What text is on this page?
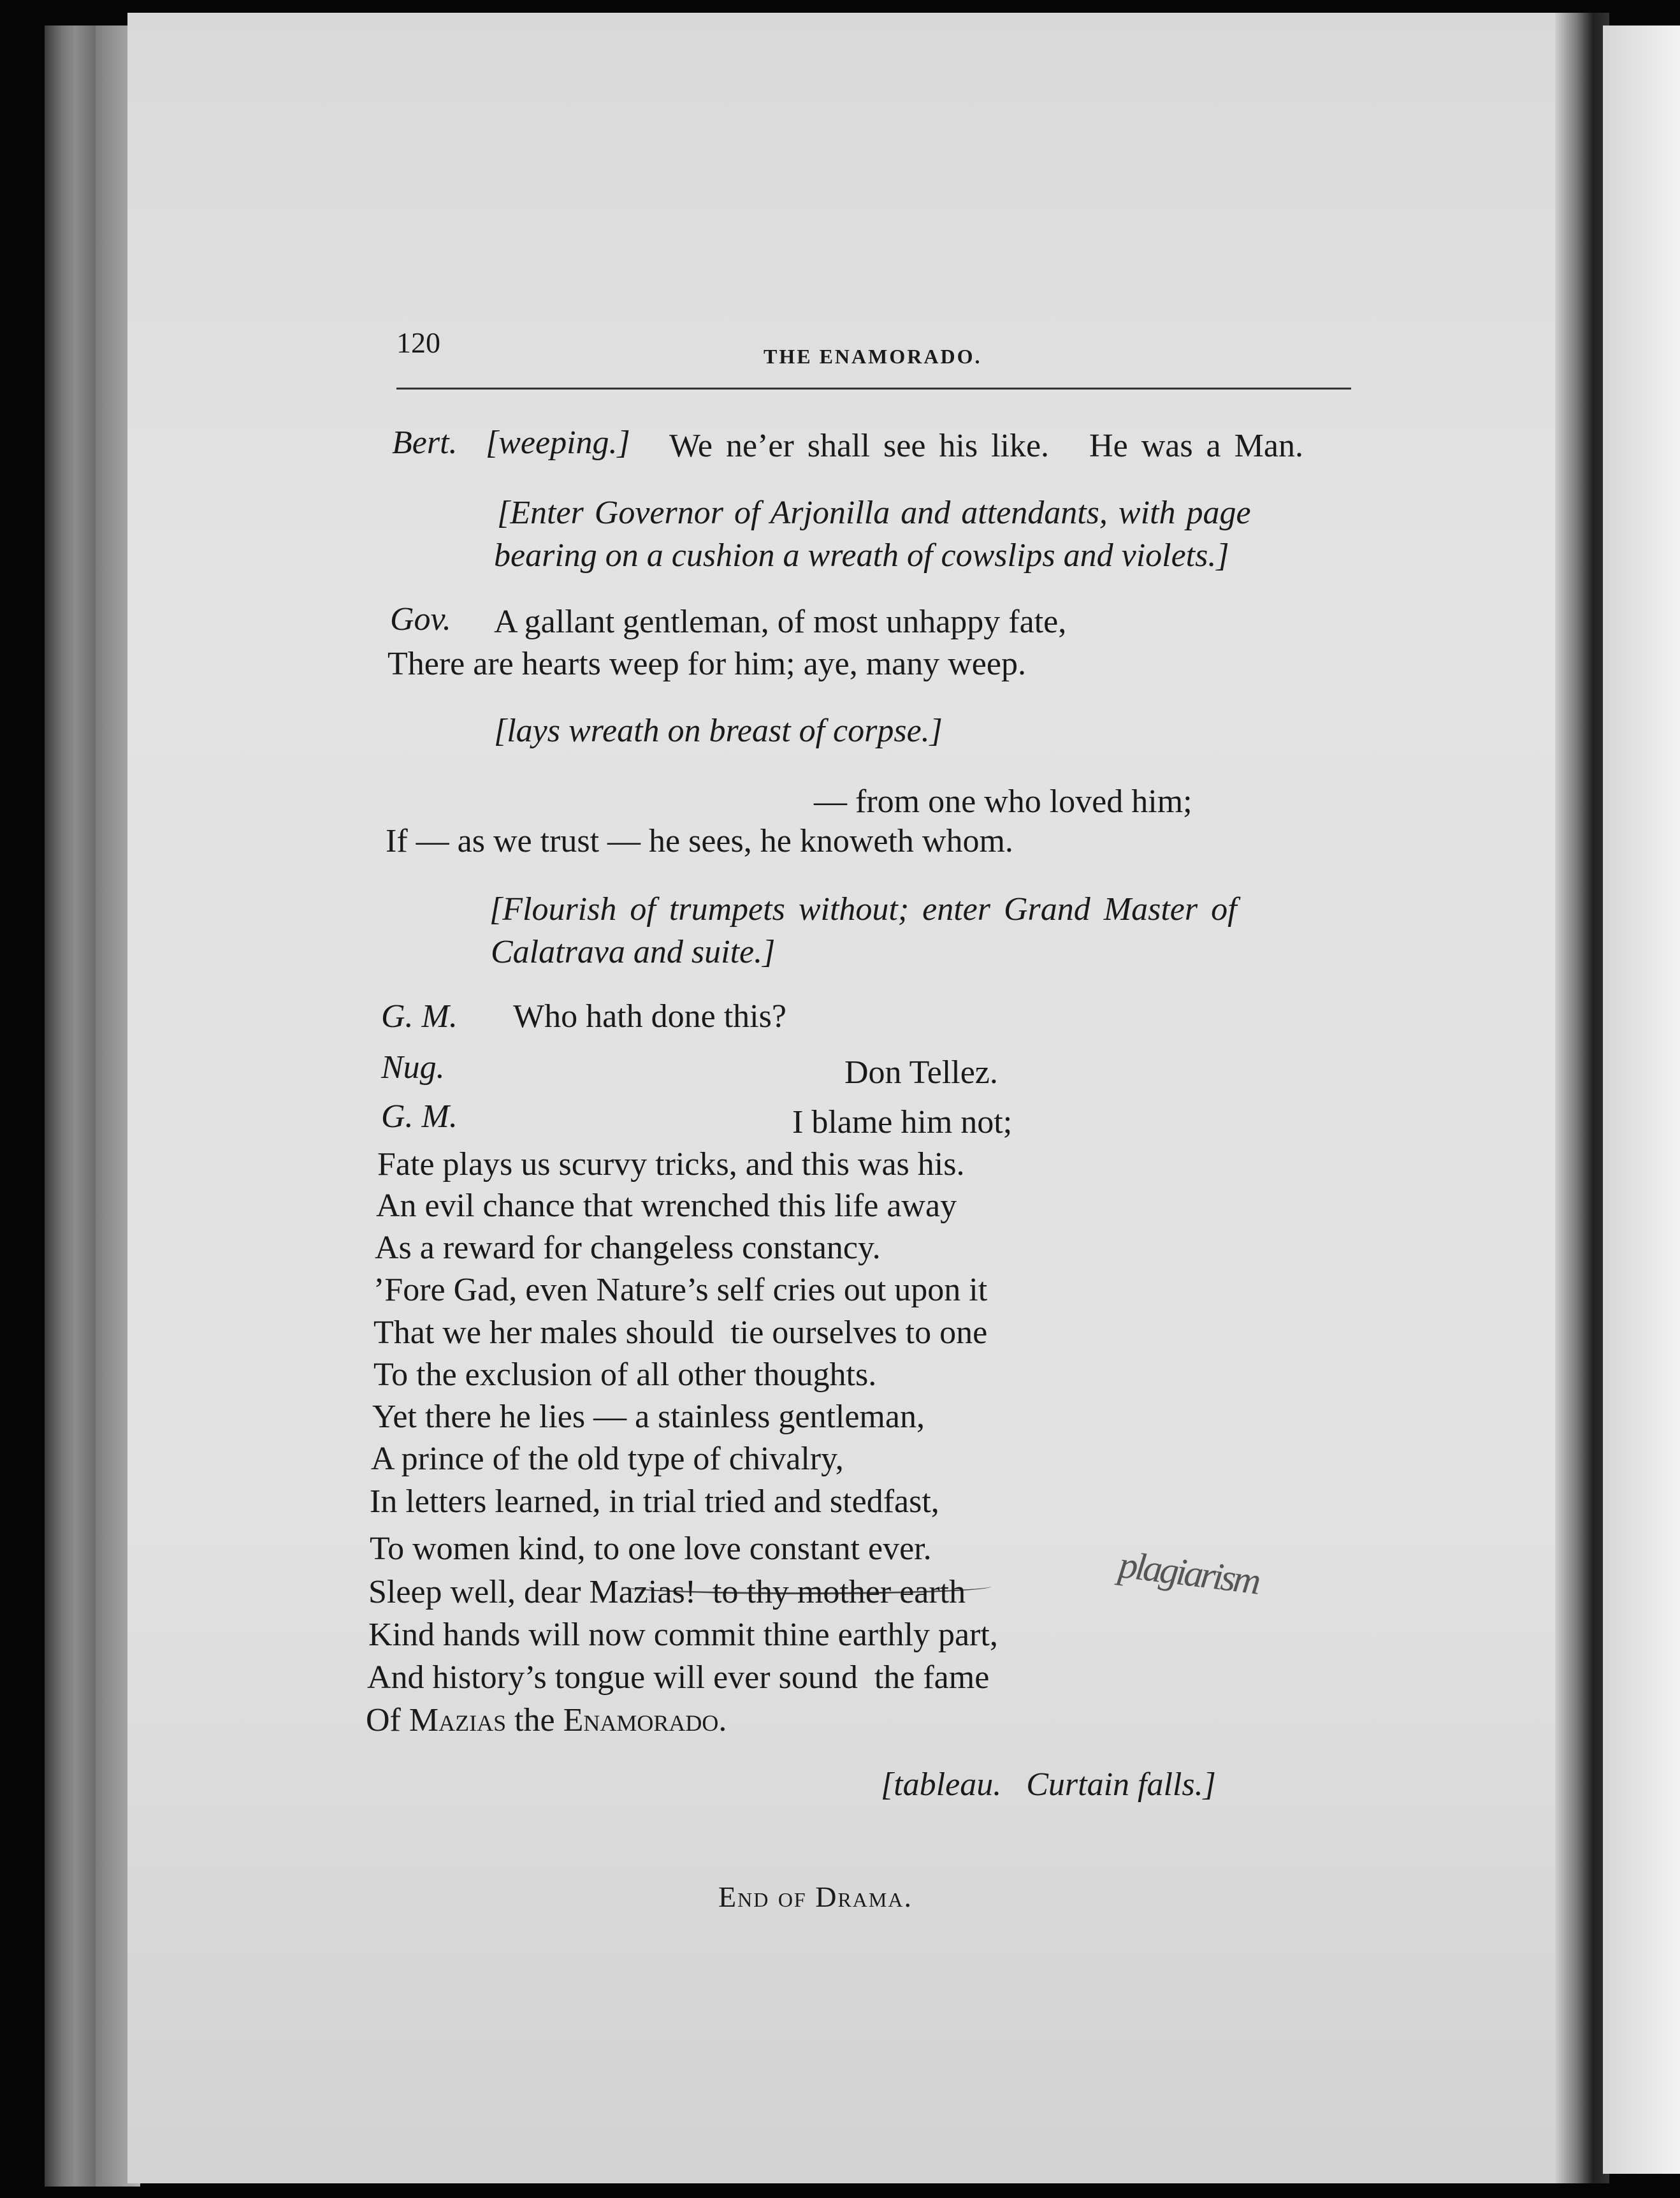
120	THE ENAMORADO.
Bert. [weeping.] We ne’er shall see his like.   He was a Man.
[Enter Governor of Arjonilla and attendants, with page
bearing on a cushion a wreath of cowslips and violets.]
Gov. A gallant gentleman, of most unhappy fate,
There are hearts weep for him; aye, many weep.
[lays wreath on breast of corpse.]
— from one who loved him;
If — as we trust — he sees, he knoweth whom.
[Flourish of trumpets without; enter Grand Master of
Calatrava and suite.]
G. M. Who hath done this?
Nug.	Don Tellez.
G. M.	I blame him not;
Fate plays us scurvy tricks, and this was his.
An evil chance that wrenched this life away
As a reward for changeless constancy.
’Fore Gad, even Nature’s self cries out upon it
That we her males should  tie ourselves to one
To the exclusion of all other thoughts.
Yet there he lies — a stainless gentleman,
A prince of the old type of chivalry,
In letters learned, in trial tried and stedfast,
To women kind, to one love constant ever.
Sleep well, dear Mazias!  to thy mother earth
Kind hands will now commit thine earthly part,
And history’s tongue will ever sound  the fame
Of Mazias the Enamorado.
[tableau.   Curtain falls.]
End of Drama.
plagiarism
